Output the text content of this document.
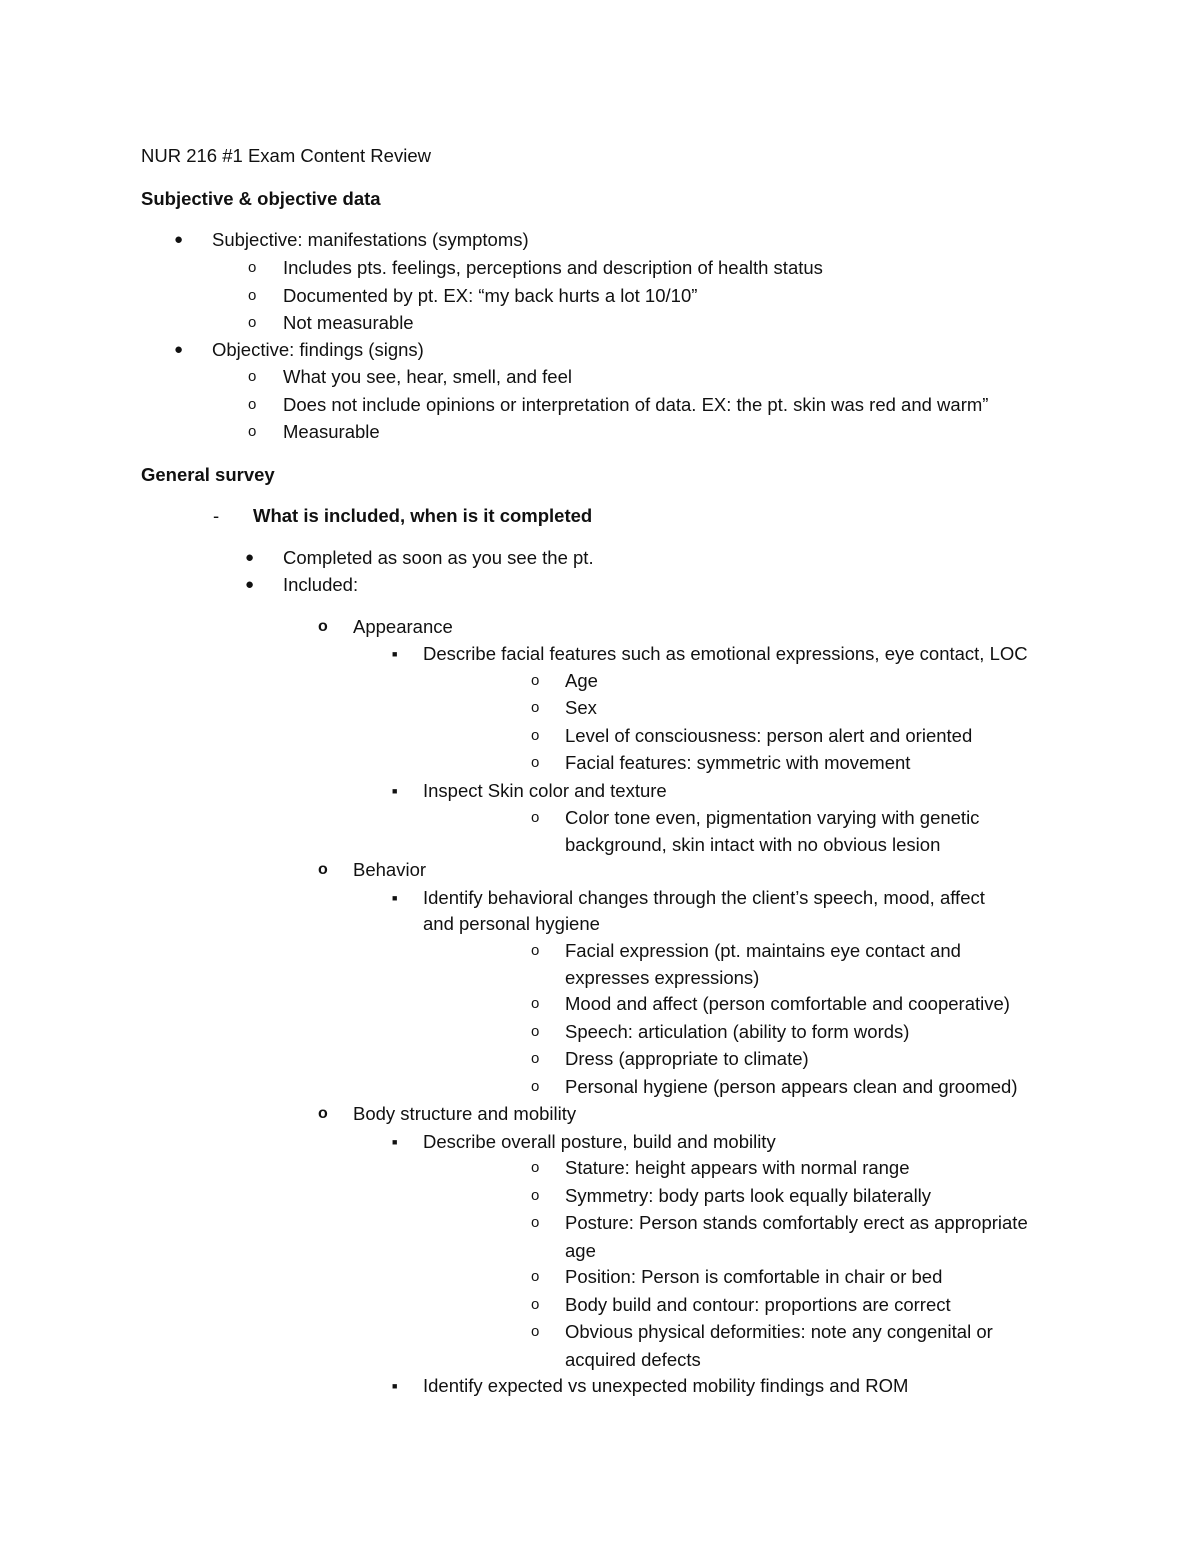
NUR 216 #1 Exam Content Review
Subjective & objective data
● Subjective: manifestations (symptoms)
o Includes pts. feelings, perceptions and description of health status
o Documented by pt. EX: “my back hurts a lot 10/10”
o Not measurable
● Objective: findings (signs)
o What you see, hear, smell, and feel
o Does not include opinions or interpretation of data. EX: the pt. skin was red and warm”
o Measurable
General survey
- What is included, when is it completed
● Completed as soon as you see the pt.
● Included:
o Appearance
■ Describe facial features such as emotional expressions, eye contact, LOC
o Age
o Sex
o Level of consciousness: person alert and oriented
o Facial features: symmetric with movement
■ Inspect Skin color and texture
o Color tone even, pigmentation varying with genetic
background, skin intact with no obvious lesion
o Behavior
■ Identify behavioral changes through the client’s speech, mood, affect
and personal hygiene
o Facial expression (pt. maintains eye contact and
expresses expressions)
o Mood and affect (person comfortable and cooperative)
o Speech: articulation (ability to form words)
o Dress (appropriate to climate)
o Personal hygiene (person appears clean and groomed)
o Body structure and mobility
■ Describe overall posture, build and mobility
o Stature: height appears with normal range
o Symmetry: body parts look equally bilaterally
o Posture: Person stands comfortably erect as appropriate
age
o Position: Person is comfortable in chair or bed
o Body build and contour: proportions are correct
o Obvious physical deformities: note any congenital or
acquired defects
■ Identify expected vs unexpected mobility findings and ROM
